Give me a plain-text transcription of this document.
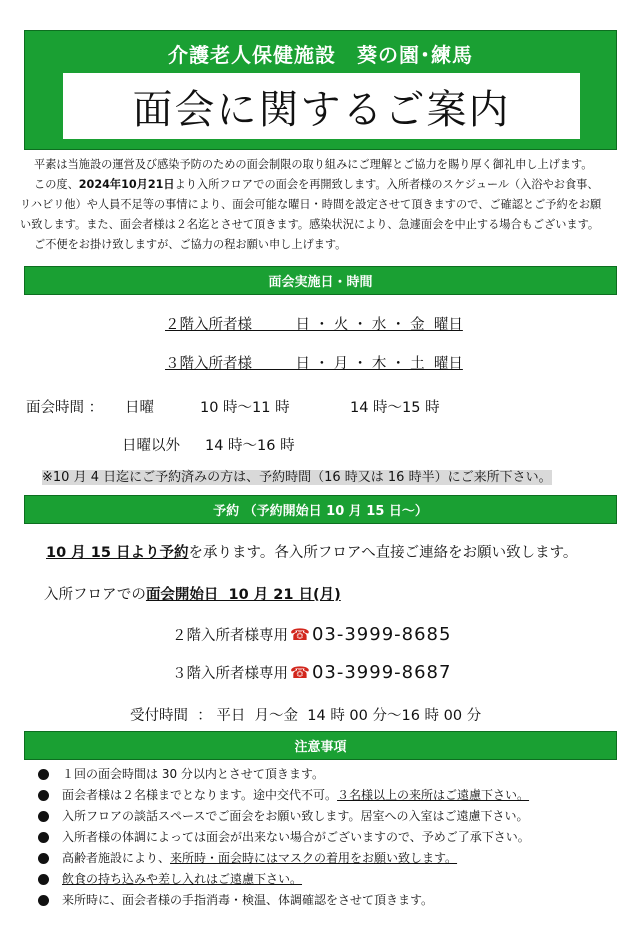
介護老人保健施設　葵の園･練馬
面会に関するご案内

平素は当施設の運営及び感染予防のための面会制限の取り組みにご理解とご協力を賜り厚く御礼申し上げます。

この度、2024年10月21日より入所フロアでの面会を再開致します。入所者様のスケジュール（入浴やお食事、

リハビリ他）や人員不足等の事情により、面会可能な曜日・時間を設定させて頂きますので、ご確認とご予約をお願

い致します。また、面会者様は２名迄とさせて頂きます。感染状況により、急遽面会を中止する場合もございます。

ご不便をお掛け致しますが、ご協力の程お願い申し上げます。

面会実施日・時間
２階入所者様　　　日 ・ 火 ・ 水 ・ 金  曜日
３階入所者様　　　日 ・ 月 ・ 木 ・ 土  曜日
面会時間 ： 日曜	10 時～11 時	14 時～15 時
日曜以外 14 時～16 時
※10 月 4 日迄にご予約済みの方は、予約時間（16 時又は 16 時半）にご来所下さい。
予約 （予約開始日 10 月 15 日～）
10 月 15 日より予約を承ります。各入所フロアへ直接ご連絡をお願い致します。
入所フロアでの面会開始日  10 月 21 日(月)
２階入所者様専用 ☎ 03-3999-8685
３階入所者様専用 ☎ 03-3999-8687
受付時間  ： 平日  月～金  14 時 00 分～16 時 00 分
注意事項
１回の面会時間は 30 分以内とさせて頂きます。
面会者様は２名様までとなります。途中交代不可。３名様以上の来所はご遠慮下さい。
入所フロアの談話スペースでご面会をお願い致します。居室への入室はご遠慮下さい。
入所者様の体調によっては面会が出来ない場合がございますので、予めご了承下さい。
高齢者施設により、来所時・面会時にはマスクの着用をお願い致します。
飲食の持ち込みや差し入れはご遠慮下さい。
来所時に、面会者様の手指消毒・検温、体調確認をさせて頂きます。
